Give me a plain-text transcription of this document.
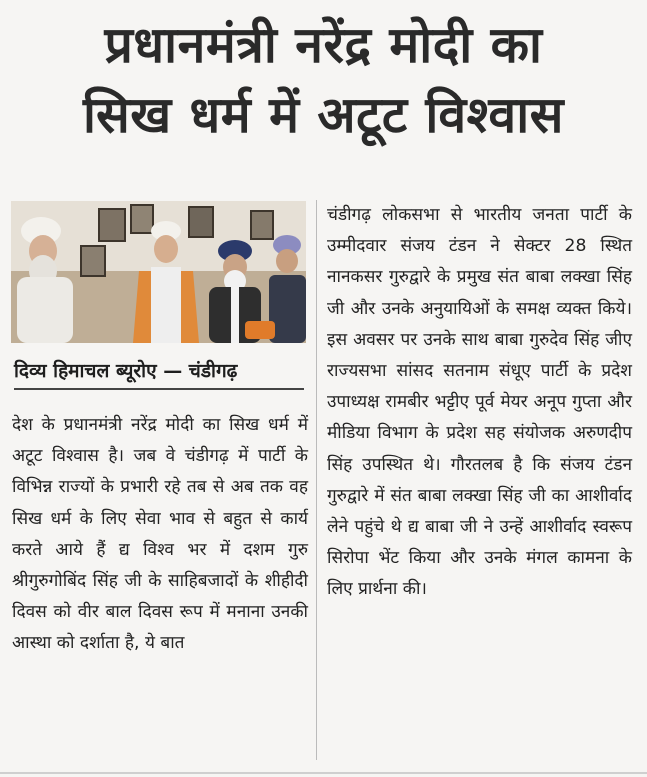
प्रधानमंत्री नरेंद्र मोदी का
सिख धर्म में अटूट विश्वास
दिव्य हिमाचल ब्यूरोए — चंडीगढ़

देश के प्रधानमंत्री नरेंद्र मोदी का सिख धर्म में अटूट विश्वास है। जब वे चंडीगढ़ में पार्टी के विभिन्न राज्यों के प्रभारी रहे तब से अब तक वह सिख धर्म के लिए सेवा भाव से बहुत से कार्य करते आये हैं द्य विश्व भर में दशम गुरु श्रीगुरुगोबिंद सिंह जी के साहिबजादों के शीहीदी दिवस को वीर बाल दिवस रूप में मनाना उनकी आस्था को दर्शाता है, ये बात

चंडीगढ़ लोकसभा से भारतीय जनता पार्टी के उम्मीदवार संजय टंडन ने सेक्टर 28 स्थित नानकसर गुरुद्वारे के प्रमुख संत बाबा लक्खा सिंह जी और उनके अनुयायिओं के समक्ष व्यक्त किये। इस अवसर पर उनके साथ बाबा गुरुदेव सिंह जीए राज्यसभा सांसद सतनाम संधूए पार्टी के प्रदेश उपाध्यक्ष रामबीर भट्टीए पूर्व मेयर अनूप गुप्ता और मीडिया विभाग के प्रदेश सह संयोजक अरुणदीप सिंह उपस्थित थे। गौरतलब है कि संजय टंडन गुरुद्वारे में संत बाबा लक्खा सिंह जी का आशीर्वाद लेने पहुंचे थे द्य बाबा जी ने उन्हें आशीर्वाद स्वरूप सिरोपा भेंट किया और उनके मंगल कामना के लिए प्रार्थना की।
